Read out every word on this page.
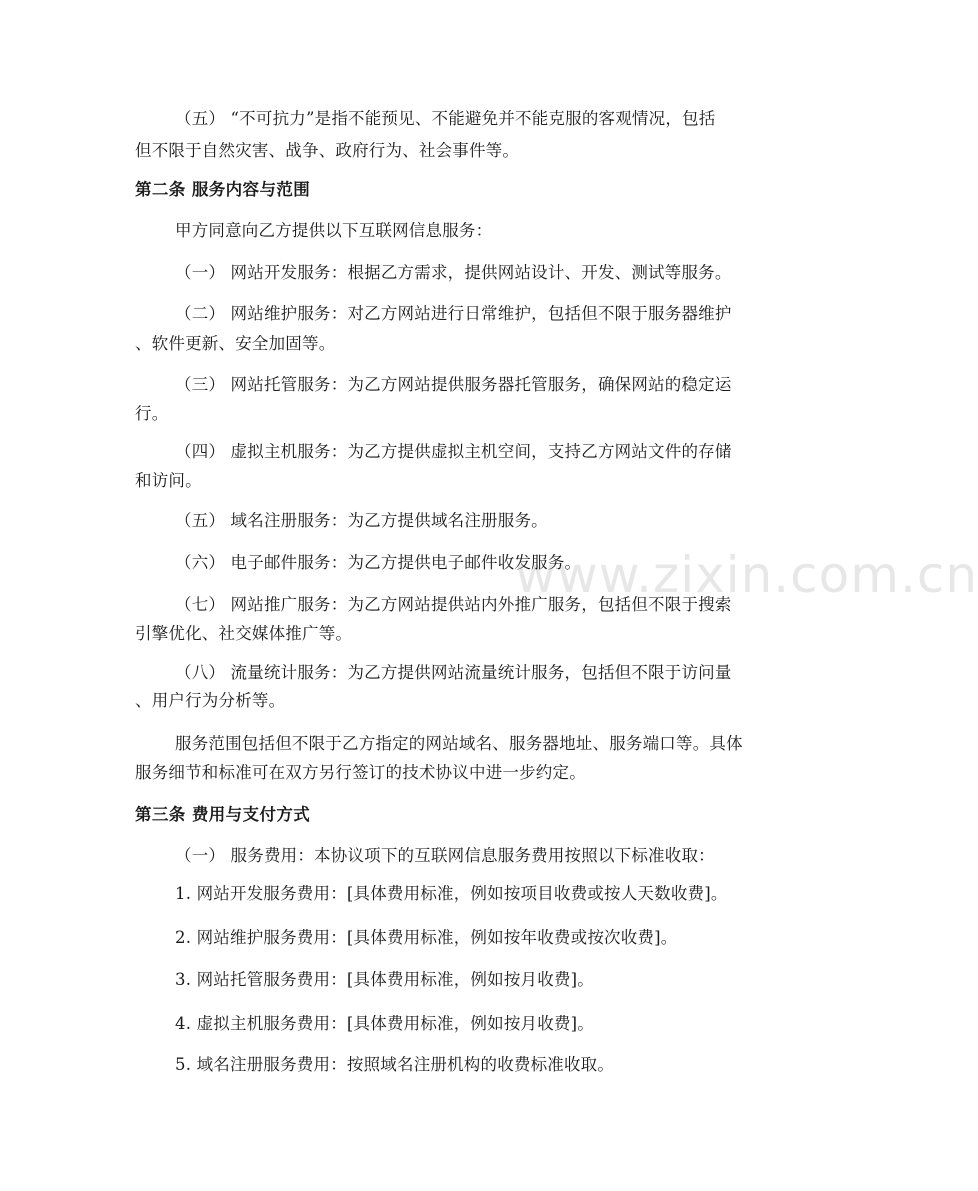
（五） “不可抗力”是指不能预见、不能避免并不能克服的客观情况，包括
但不限于自然灾害、战争、政府行为、社会事件等。
第二条 服务内容与范围
甲方同意向乙方提供以下互联网信息服务：
（一） 网站开发服务：根据乙方需求，提供网站设计、开发、测试等服务。
（二） 网站维护服务：对乙方网站进行日常维护，包括但不限于服务器维护
、软件更新、安全加固等。
（三） 网站托管服务：为乙方网站提供服务器托管服务，确保网站的稳定运
行。
（四） 虚拟主机服务：为乙方提供虚拟主机空间，支持乙方网站文件的存储
和访问。
（五） 域名注册服务：为乙方提供域名注册服务。
（六） 电子邮件服务：为乙方提供电子邮件收发服务。
（七） 网站推广服务：为乙方网站提供站内外推广服务，包括但不限于搜索
引擎优化、社交媒体推广等。
（八） 流量统计服务：为乙方提供网站流量统计服务，包括但不限于访问量
、用户行为分析等。
服务范围包括但不限于乙方指定的网站域名、服务器地址、服务端口等。具体
服务细节和标准可在双方另行签订的技术协议中进一步约定。
第三条 费用与支付方式
（一） 服务费用：本协议项下的互联网信息服务费用按照以下标准收取：
1. 网站开发服务费用：[具体费用标准，例如按项目收费或按人天数收费]。
2. 网站维护服务费用：[具体费用标准，例如按年收费或按次收费]。
3. 网站托管服务费用：[具体费用标准，例如按月收费]。
4. 虚拟主机服务费用：[具体费用标准，例如按月收费]。
5. 域名注册服务费用：按照域名注册机构的收费标准收取。
www.zixin.com.cn
